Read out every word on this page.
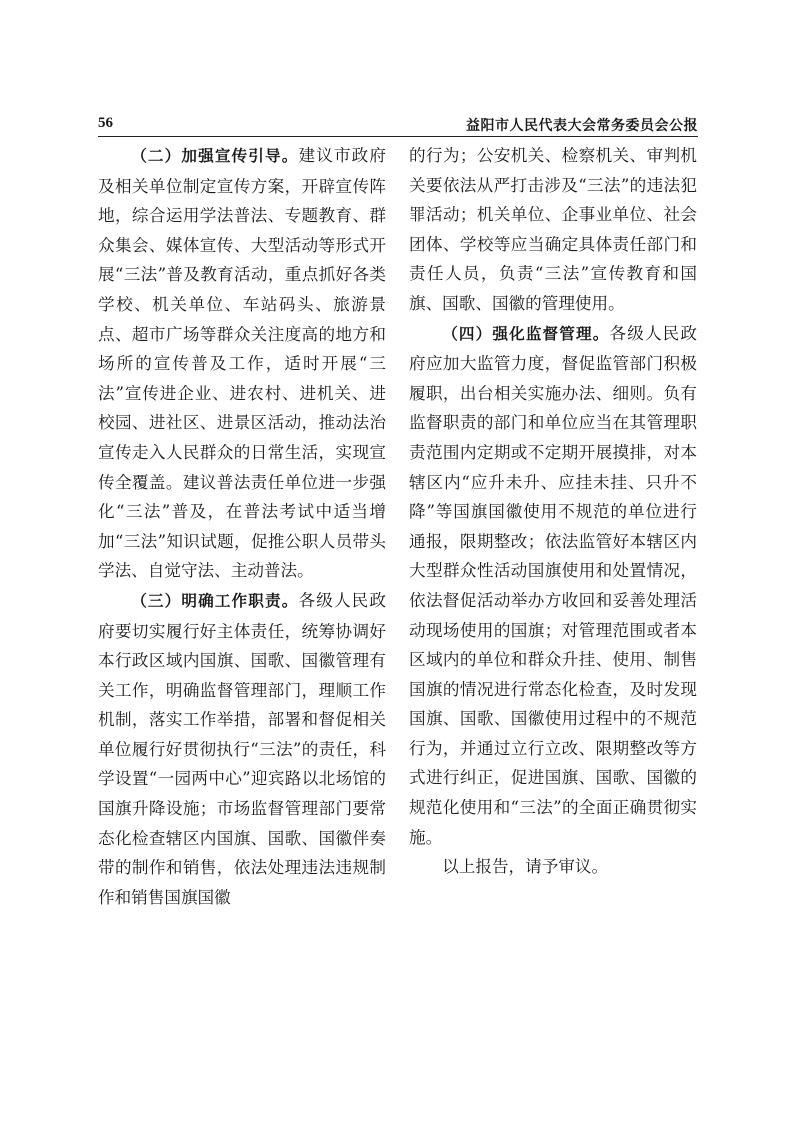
56	益阳市人民代表大会常务委员会公报

（二）加强宣传引导。建议市政府及相关单位制定宣传方案，开辟宣传阵地，综合运用学法普法、专题教育、群众集会、媒体宣传、大型活动等形式开展“三法”普及教育活动，重点抓好各类学校、机关单位、车站码头、旅游景点、超市广场等群众关注度高的地方和场所的宣传普及工作，适时开展“三法”宣传进企业、进农村、进机关、进校园、进社区、进景区活动，推动法治宣传走入人民群众的日常生活，实现宣传全覆盖。建议普法责任单位进一步强化“三法”普及，在普法考试中适当增加“三法”知识试题，促推公职人员带头学法、自觉守法、主动普法。

（三）明确工作职责。各级人民政府要切实履行好主体责任，统筹协调好本行政区域内国旗、国歌、国徽管理有关工作，明确监督管理部门，理顺工作机制，落实工作举措，部署和督促相关单位履行好贯彻执行“三法”的责任，科学设置“一园两中心”迎宾路以北场馆的国旗升降设施；市场监督管理部门要常态化检查辖区内国旗、国歌、国徽伴奏带的制作和销售，依法处理违法违规制作和销售国旗国徽

的行为；公安机关、检察机关、审判机关要依法从严打击涉及“三法”的违法犯罪活动；机关单位、企事业单位、社会团体、学校等应当确定具体责任部门和责任人员，负责“三法”宣传教育和国旗、国歌、国徽的管理使用。

（四）强化监督管理。各级人民政府应加大监管力度，督促监管部门积极履职，出台相关实施办法、细则。负有监督职责的部门和单位应当在其管理职责范围内定期或不定期开展摸排，对本辖区内“应升未升、应挂未挂、只升不降”等国旗国徽使用不规范的单位进行通报，限期整改；依法监管好本辖区内大型群众性活动国旗使用和处置情况，依法督促活动举办方收回和妥善处理活动现场使用的国旗；对管理范围或者本区域内的单位和群众升挂、使用、制售国旗的情况进行常态化检查，及时发现国旗、国歌、国徽使用过程中的不规范行为，并通过立行立改、限期整改等方式进行纠正，促进国旗、国歌、国徽的规范化使用和“三法”的全面正确贯彻实施。

以上报告，请予审议。
